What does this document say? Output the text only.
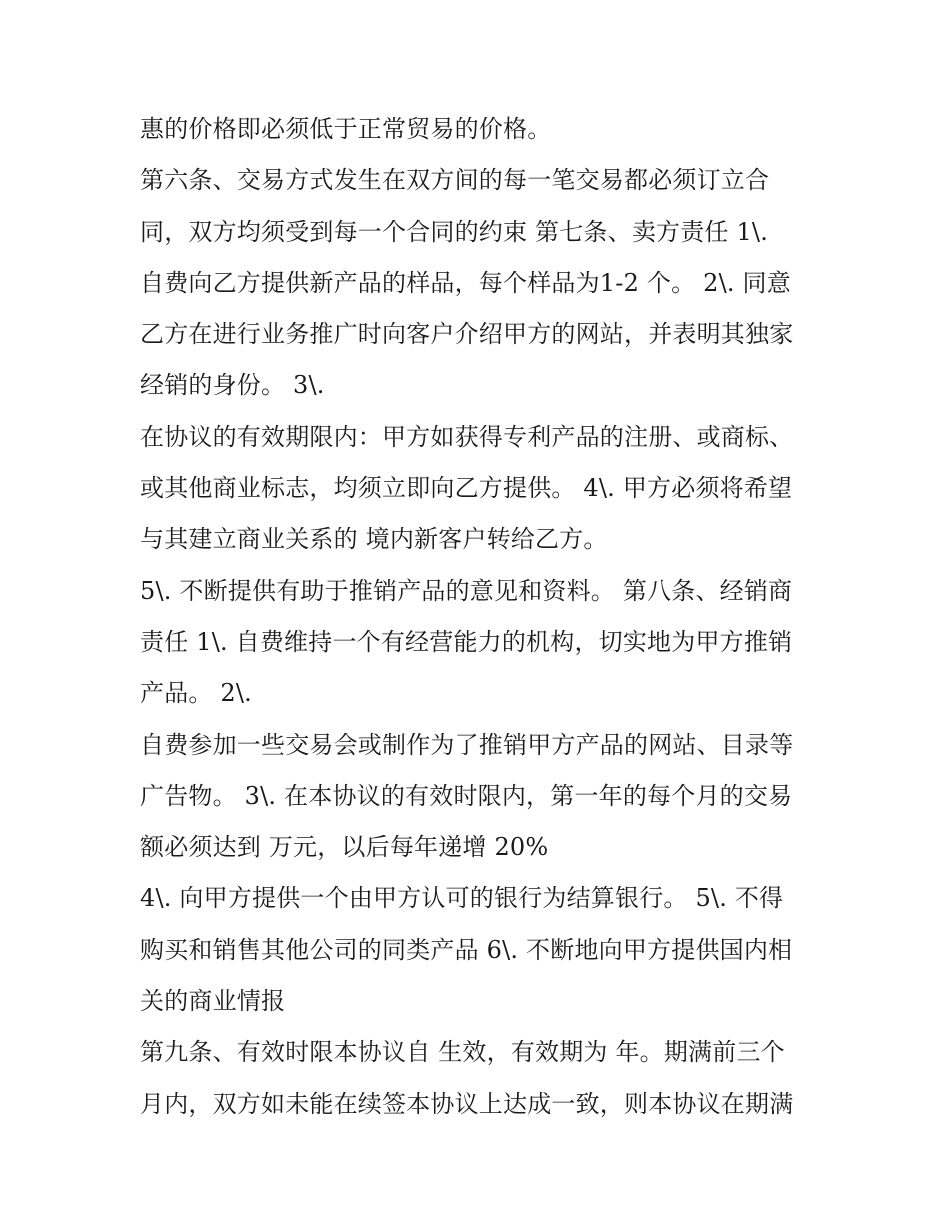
惠的价格即必须低于正常贸易的价格。
第六条、交易方式发生在双方间的每一笔交易都必须订立合
同，双方均须受到每一个合同的约束 第七条、卖方责任 1\.
自费向乙方提供新产品的样品，每个样品为1-2 个。 2\. 同意
乙方在进行业务推广时向客户介绍甲方的网站，并表明其独家
经销的身份。 3\.
在协议的有效期限内：甲方如获得专利产品的注册、或商标、
或其他商业标志，均须立即向乙方提供。 4\. 甲方必须将希望
与其建立商业关系的 境内新客户转给乙方。
5\. 不断提供有助于推销产品的意见和资料。 第八条、经销商
责任 1\. 自费维持一个有经营能力的机构，切实地为甲方推销
产品。 2\.
自费参加一些交易会或制作为了推销甲方产品的网站、目录等
广告物。 3\. 在本协议的有效时限内，第一年的每个月的交易
额必须达到 万元，以后每年递增 20%
4\. 向甲方提供一个由甲方认可的银行为结算银行。 5\. 不得
购买和销售其他公司的同类产品 6\. 不断地向甲方提供国内相
关的商业情报
第九条、有效时限本协议自 生效，有效期为 年。期满前三个
月内，双方如未能在续签本协议上达成一致，则本协议在期满
